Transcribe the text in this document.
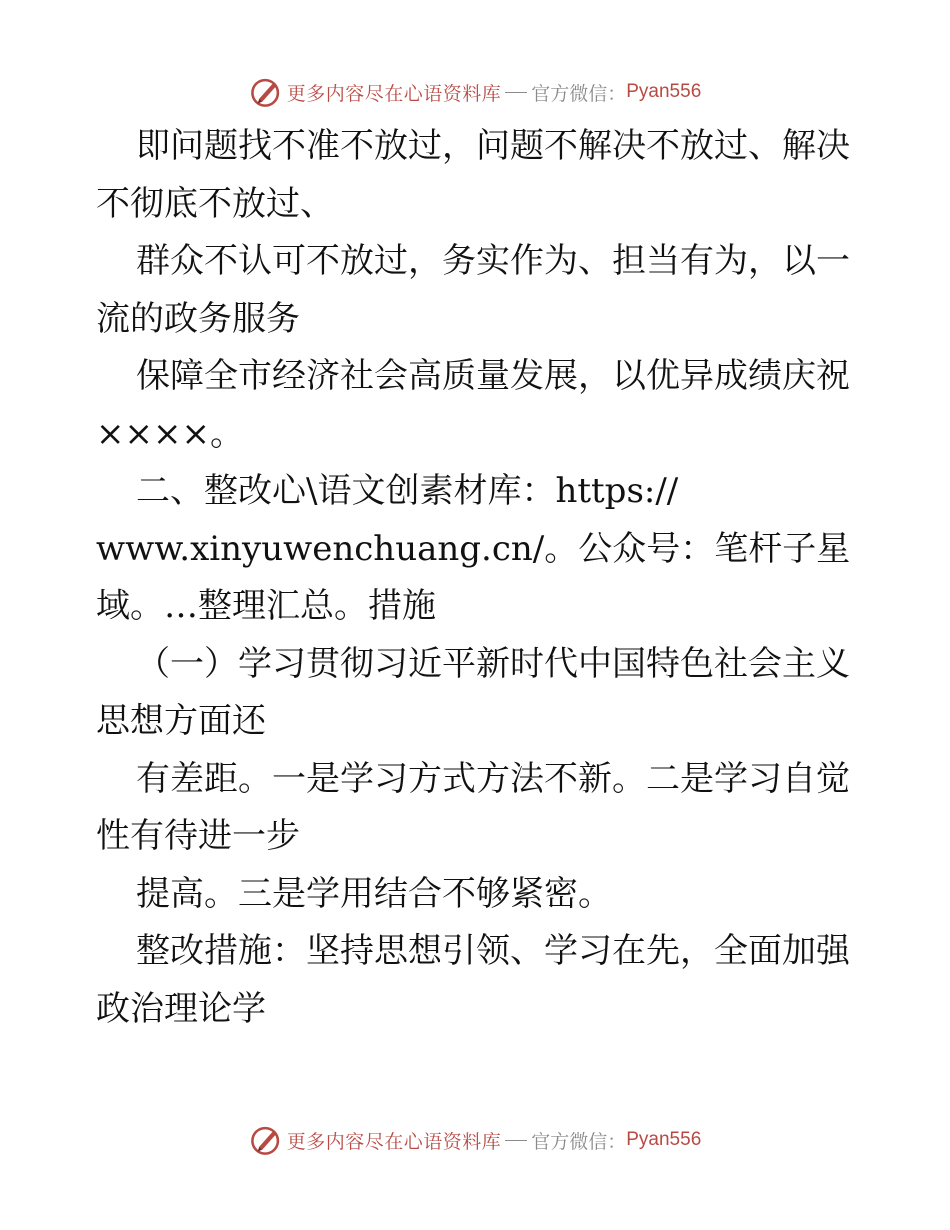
更多内容尽在心语资料库 官方微信： Pyan556
即问题找不准不放过，问题不解决不放过、解决
不彻底不放过、
群众不认可不放过，务实作为、担当有为，以一
流的政务服务
保障全市经济社会高质量发展，以优异成绩庆祝
××××。
二、整改心\语文创素材库：https://
www.xinyuwenchuang.cn/。公众号：笔杆子星
域。…整理汇总。措施
（一）学习贯彻习近平新时代中国特色社会主义
思想方面还
有差距。一是学习方式方法不新。二是学习自觉
性有待进一步
提高。三是学用结合不够紧密。
整改措施：坚持思想引领、学习在先，全面加强
政治理论学
更多内容尽在心语资料库 官方微信： Pyan556
